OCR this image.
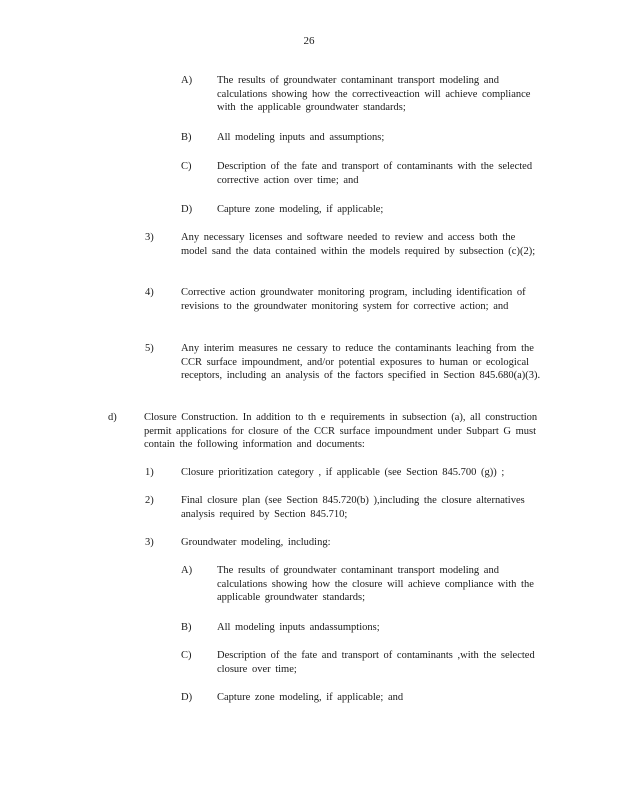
26
A) The results of groundwater contaminant transport modeling and calculations showing how the correctiveaction will achieve compliance with the applicable groundwater standards;
B) All modeling inputs and assumptions;
C) Description of the fate and transport of contaminants with the selected corrective action over time; and
D) Capture zone modeling, if applicable;
3)	Any necessary licenses and software needed to review and access both the model sand the data contained within the models required by subsection (c)(2);
4)	Corrective action groundwater monitoring program, including identification of revisions to the groundwater monitoring system for corrective action; and
5)	Any interim measures ne cessary to reduce the contaminants leaching from the CCR surface impoundment, and/or potential exposures to human or ecological receptors, including an analysis of the factors specified in Section 845.680(a)(3).
d)	Closure Construction. In addition to th e requirements in subsection (a), all construction permit applications for closure of the CCR surface impoundment under Subpart G must contain the following information and documents:
1)	Closure prioritization category , if applicable (see Section 845.700 (g)) ;
2)	Final closure plan (see Section 845.720(b) ),including the closure alternatives analysis required by Section 845.710;
3)	Groundwater modeling, including:
A) The results of groundwater contaminant transport modeling and calculations showing how the closure will achieve compliance with the applicable groundwater standards;
B) All modeling inputs andassumptions;
C) Description of the fate and transport of contaminants ,with the selected closure over time;
D) Capture zone modeling, if applicable; and
